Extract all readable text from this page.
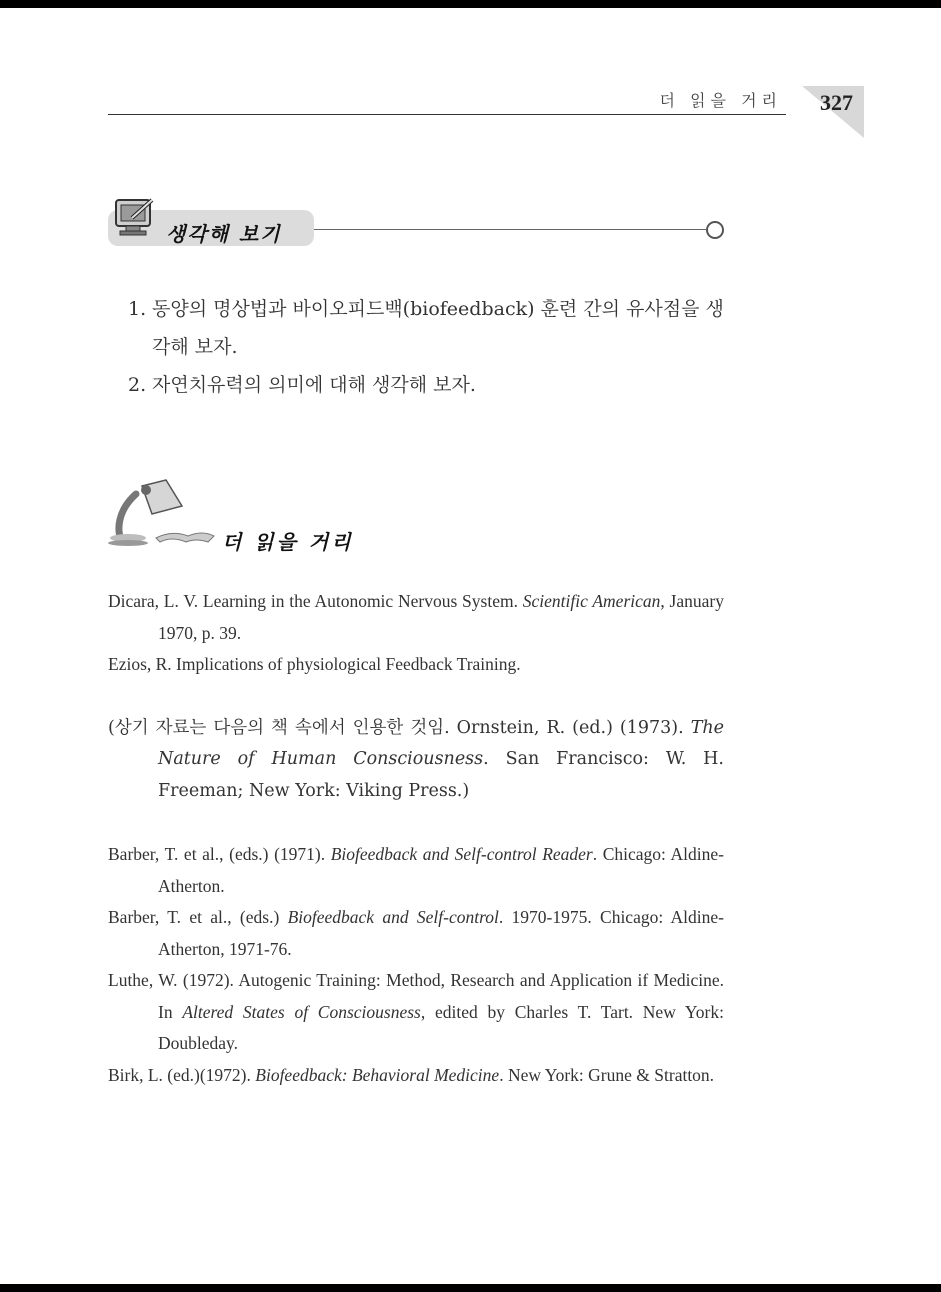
더 읽을 거리 327
생각해 보기
1. 동양의 명상법과 바이오피드백(biofeedback) 훈련 간의 유사점을 생각해 보자.
2. 자연치유력의 의미에 대해 생각해 보자.
더 읽을 거리

Dicara, L. V. Learning in the Autonomic Nervous System. Scientific American, January 1970, p. 39.

Ezios, R. Implications of physiological Feedback Training.

(상기 자료는 다음의 책 속에서 인용한 것임. Ornstein, R. (ed.) (1973). The Nature of Human Consciousness. San Francisco: W. H. Freeman; New York: Viking Press.)

Barber, T. et al., (eds.) (1971). Biofeedback and Self-control Reader. Chicago: Aldine-Atherton.

Barber, T. et al., (eds.) Biofeedback and Self-control. 1970-1975. Chicago: Aldine-Atherton, 1971-76.

Luthe, W. (1972). Autogenic Training: Method, Research and Application if Medicine. In Altered States of Consciousness, edited by Charles T. Tart. New York: Doubleday.

Birk, L. (ed.)(1972). Biofeedback: Behavioral Medicine. New York: Grune & Stratton.
